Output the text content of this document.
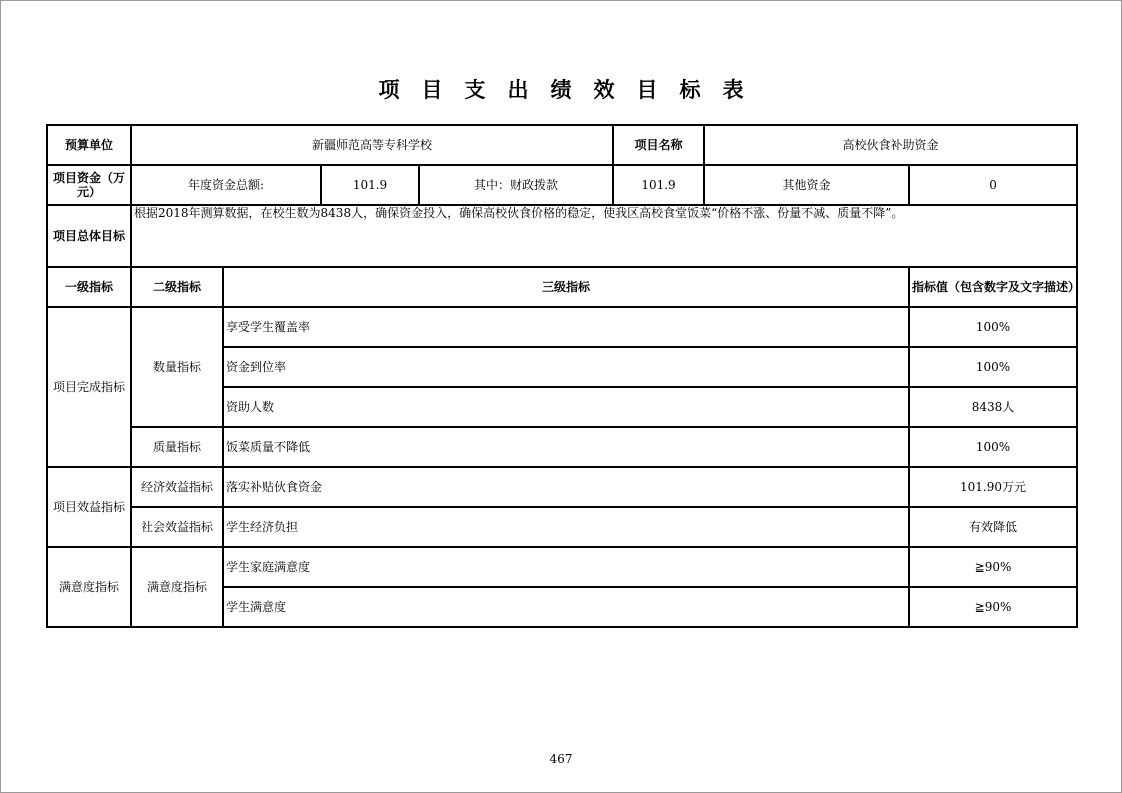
项目支出绩效目标表
预算单位	新疆师范高等专科学校				项目名称	高校伙食补助资金	
项目资金（万元）	年度资金总额:		101.9	其中：财政拨款	101.9	其他资金	0
项目总体目标	根据2018年测算数据，在校生数为8438人，确保资金投入，确保高校伙食价格的稳定，使我区高校食堂饭菜“价格不涨、份量不减、质量不降”。						
一级指标	二级指标	三级指标					指标值（包含数字及文字描述）
项目完成指标	数量指标	享受学生覆盖率					100%
		资金到位率					100%
		资助人数					8438人
	质量指标	饭菜质量不降低					100%
项目效益指标	经济效益指标	落实补贴伙食资金					101.90万元
	社会效益指标	学生经济负担					有效降低
满意度指标	满意度指标	学生家庭满意度					≧90%
		学生满意度					≧90%
467
